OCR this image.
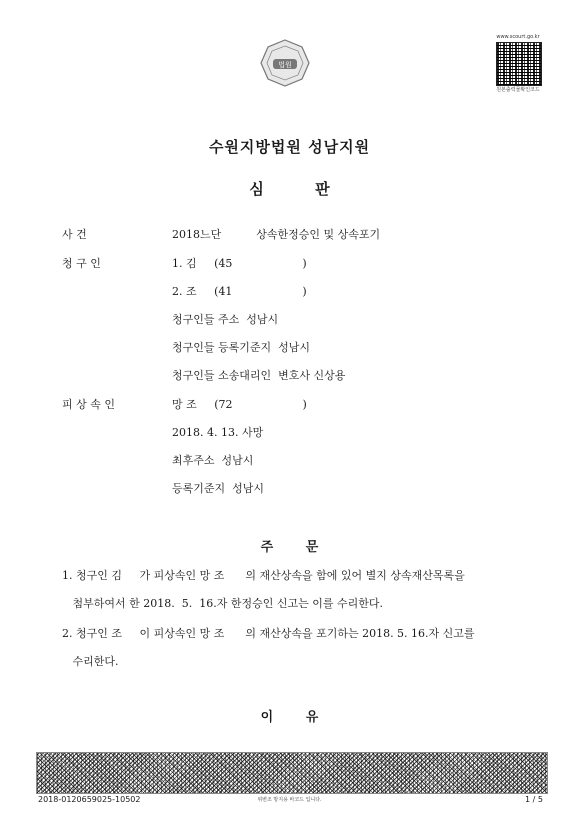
법원
www.scourt.go.kr
원본출력물확인코드
수원지방법원 성남지원
심 판
사 건	2018느단          상속한정승인 및 상속포기
청 구 인	1. 김     (45                    )
2. 조     (41                    )
청구인들 주소  성남시
청구인들 등록기준지  성남시
청구인들 소송대리인  변호사 신상용
피 상 속 인	망 조     (72                    )
2018. 4. 13. 사망
최후주소  성남시
등록기준지  성남시
주 문
1. 청구인 김     가 피상속인 망 조      의 재산상속을 함에 있어 별지 상속재산목록을
첨부하여서 한 2018.  5.  16.자 한정승인 신고는 이를 수리한다.
2. 청구인 조     이 피상속인 망 조      의 재산상속을 포기하는 2018. 5. 16.자 신고를
수리한다.
이 유
2018-0120659025-10502	위변조 방지용 바코드 입니다.	1 / 5
